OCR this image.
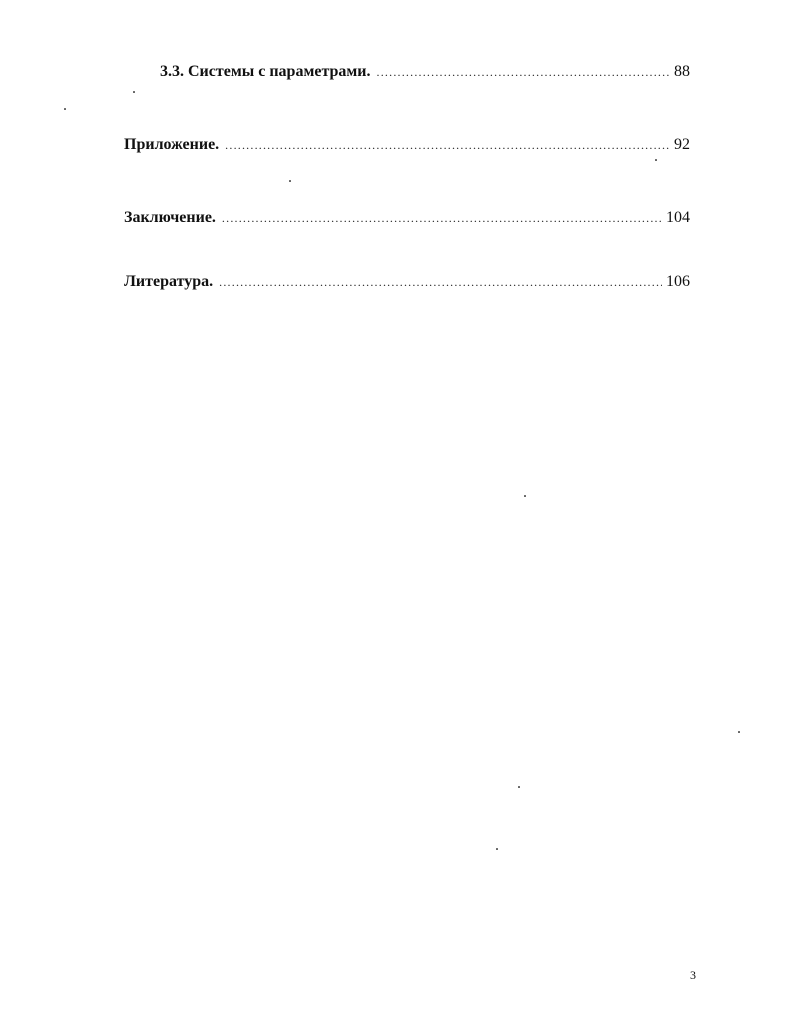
3.3. Системы с параметрами. .....	88
Приложение. .....	92
Заключение. .....	104
Литература. .....	106
3
